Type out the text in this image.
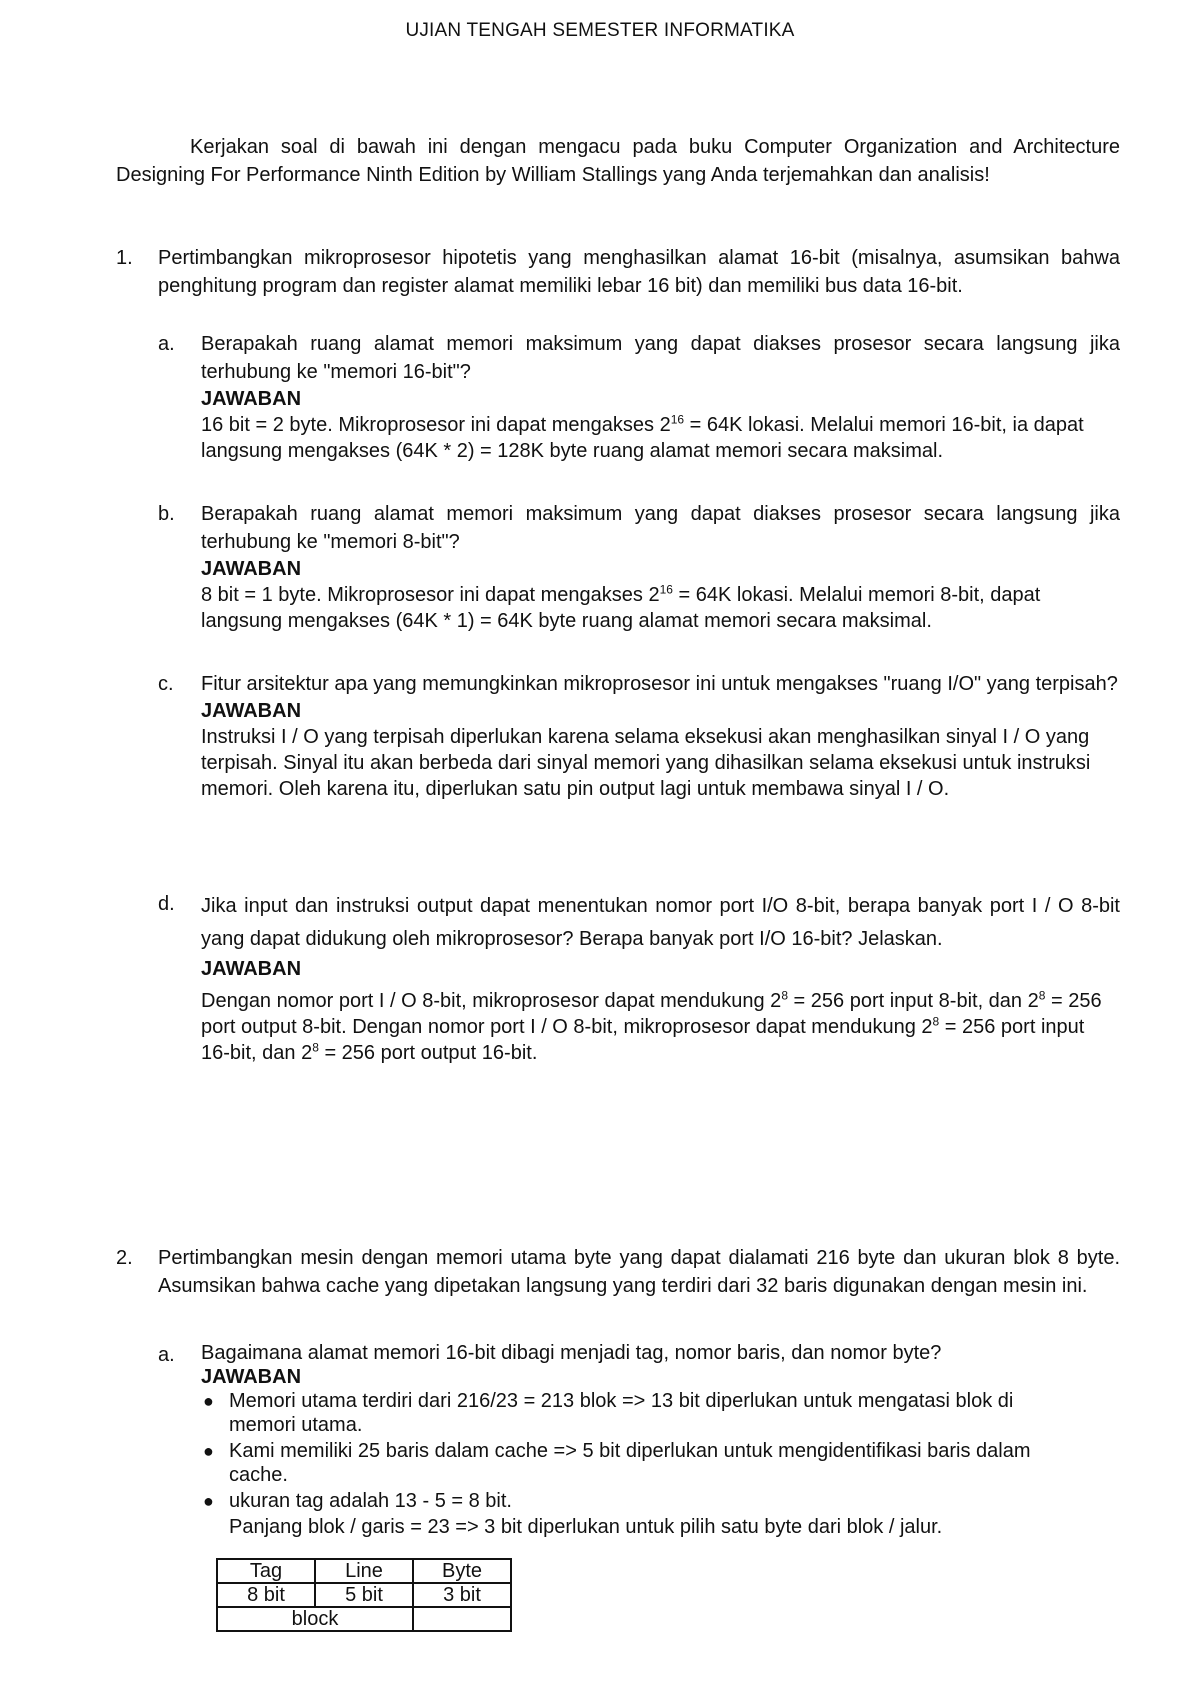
UJIAN TENGAH SEMESTER INFORMATIKA
Kerjakan soal di bawah ini dengan mengacu pada buku Computer Organization and Architecture Designing For Performance Ninth Edition by William Stallings yang Anda terjemahkan dan analisis!
1. Pertimbangkan mikroprosesor hipotetis yang menghasilkan alamat 16-bit (misalnya, asumsikan bahwa penghitung program dan register alamat memiliki lebar 16 bit) dan memiliki bus data 16-bit.
a. Berapakah ruang alamat memori maksimum yang dapat diakses prosesor secara langsung jika terhubung ke "memori 16-bit"?
JAWABAN
16 bit = 2 byte. Mikroprosesor ini dapat mengakses $2^{16} = 64K$ lokasi. Melalui memori 16-bit, ia dapat langsung mengakses (64K * 2) = 128K byte ruang alamat memori secara maksimal.
b. Berapakah ruang alamat memori maksimum yang dapat diakses prosesor secara langsung jika terhubung ke "memori 8-bit"?
JAWABAN
8 bit = 1 byte. Mikroprosesor ini dapat mengakses $2^{16} = 64K$ lokasi. Melalui memori 8-bit, dapat langsung mengakses (64K * 1) = 64K byte ruang alamat memori secara maksimal.
c. Fitur arsitektur apa yang memungkinkan mikroprosesor ini untuk mengakses "ruang I/O" yang terpisah?
JAWABAN
Instruksi I / O yang terpisah diperlukan karena selama eksekusi akan menghasilkan sinyal I / O yang terpisah. Sinyal itu akan berbeda dari sinyal memori yang dihasilkan selama eksekusi untuk instruksi memori. Oleh karena itu, diperlukan satu pin output lagi untuk membawa sinyal I / O.
d. Jika input dan instruksi output dapat menentukan nomor port I/O 8-bit, berapa banyak port I / O 8-bit yang dapat didukung oleh mikroprosesor? Berapa banyak port I/O 16-bit? Jelaskan.
JAWABAN
Dengan nomor port I / O 8-bit, mikroprosesor dapat mendukung $2^8 = 256$ port input 8-bit, dan $2^8 = 256$ port output 8-bit. Dengan nomor port I / O 8-bit, mikroprosesor dapat mendukung $2^8 = 256$ port input 16-bit, dan $2^8 = 256$ port output 16-bit.
2. Pertimbangkan mesin dengan memori utama byte yang dapat dialamati 216 byte dan ukuran blok 8 byte. Asumsikan bahwa cache yang dipetakan langsung yang terdiri dari 32 baris digunakan dengan mesin ini.
a. Bagaimana alamat memori 16-bit dibagi menjadi tag, nomor baris, dan nomor byte?
JAWABAN
● Memori utama terdiri dari 216/23 = 213 blok => 13 bit diperlukan untuk mengatasi blok di memori utama.
● Kami memiliki 25 baris dalam cache => 5 bit diperlukan untuk mengidentifikasi baris dalam cache.
● ukuran tag adalah 13 - 5 = 8 bit.
Panjang blok / garis = 23 => 3 bit diperlukan untuk pilih satu byte dari blok / jalur.
Tag	Line	Byte
8 bit	5 bit	3 bit
block		
